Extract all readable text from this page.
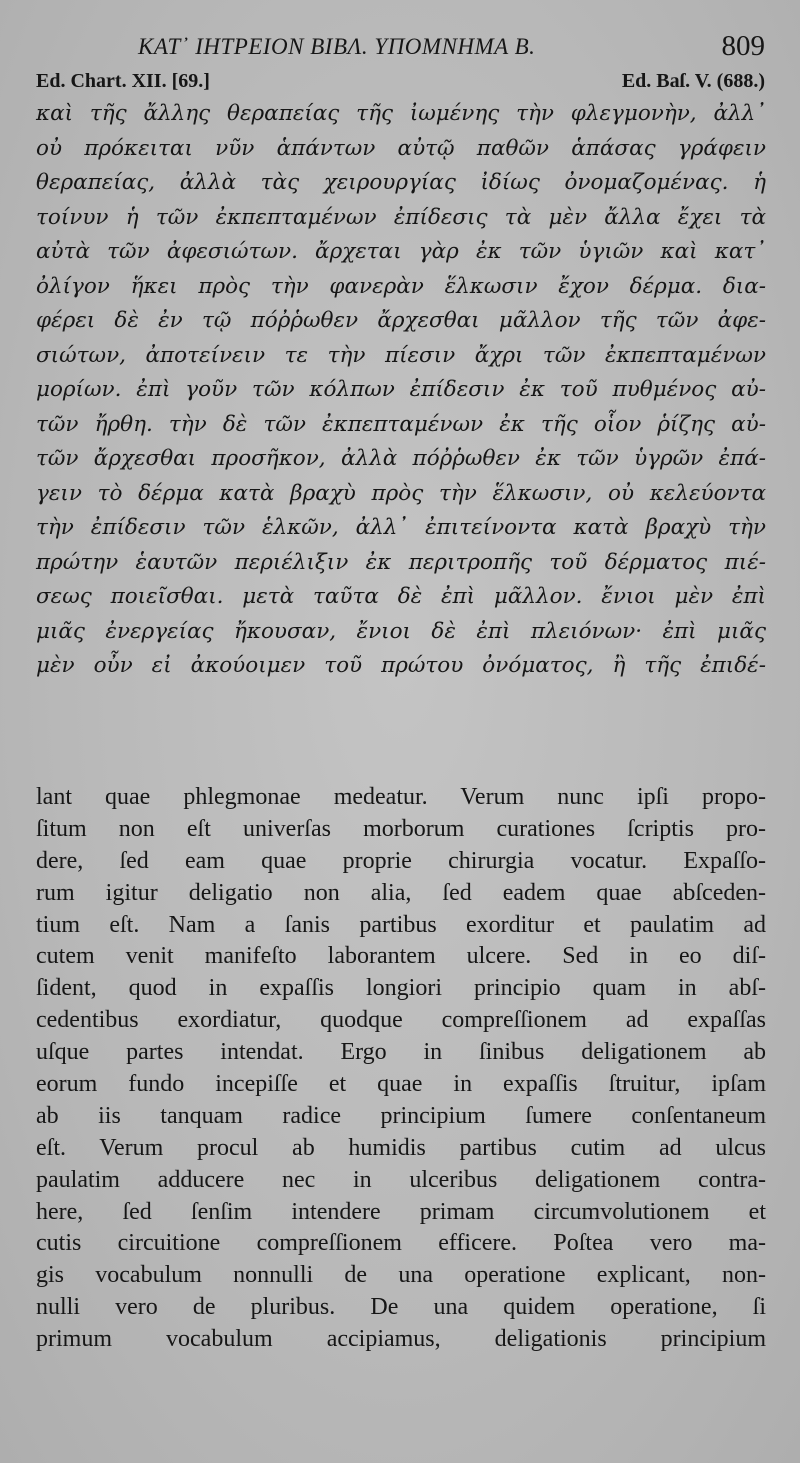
ΚΑΤ᾿ ΙΗΤΡΕΙΟΝ ΒΙΒΛ. ΥΠΟΜΝΗΜΑ Β.	809
Ed. Chart. XII. [69.]	Ed. Baſ. V. (688.)
καὶ τῆς ἄλλης θεραπείας τῆς ἰωμένης τὴν φλεγμονὴν, ἀλλ᾿
οὐ πρόκειται νῦν ἁπάντων αὐτῷ παθῶν ἁπάσας γράφειν
θεραπείας, ἀλλὰ τὰς χειρουργίας ἰδίως ὀνομαζομένας. ἡ
τοίνυν ἡ τῶν ἐκπεπταμένων ἐπίδεσις τὰ μὲν ἄλλα ἔχει τὰ
αὐτὰ τῶν ἀφεσιώτων. ἄρχεται γὰρ ἐκ τῶν ὑγιῶν καὶ κατ᾿
ὀλίγον ἥκει πρὸς τὴν φανερὰν ἕλκωσιν ἔχον δέρμα. δια-
φέρει δὲ ἐν τῷ πόῤῥωθεν ἄρχεσθαι μᾶλλον τῆς τῶν ἀφε-
σιώτων, ἀποτείνειν τε τὴν πίεσιν ἄχρι τῶν ἐκπεπταμένων
μορίων. ἐπὶ γοῦν τῶν κόλπων ἐπίδεσιν ἐκ τοῦ πυθμένος αὐ-
τῶν ἤρθη. τὴν δὲ τῶν ἐκπεπταμένων ἐκ τῆς οἷον ῥίζης αὐ-
τῶν ἄρχεσθαι προσῆκον, ἀλλὰ πόῤῥωθεν ἐκ τῶν ὑγρῶν ἐπά-
γειν τὸ δέρμα κατὰ βραχὺ πρὸς τὴν ἕλκωσιν, οὐ κελεύοντα
τὴν ἐπίδεσιν τῶν ἑλκῶν, ἀλλ᾿ ἐπιτείνοντα κατὰ βραχὺ τὴν
πρώτην ἑαυτῶν περιέλιξιν ἐκ περιτροπῆς τοῦ δέρματος πιέ-
σεως ποιεῖσθαι. μετὰ ταῦτα δὲ ἐπὶ μᾶλλον. ἔνιοι μὲν ἐπὶ
μιᾶς ἐνεργείας ἤκουσαν, ἔνιοι δὲ ἐπὶ πλειόνων· ἐπὶ μιᾶς
μὲν οὖν εἰ ἀκούοιμεν τοῦ πρώτου ὀνόματος, ἢ τῆς ἐπιδέ-
lant quae phlegmonae medeatur. Verum nunc ipſi propo-
ſitum non eſt univerſas morborum curationes ſcriptis pro-
dere, ſed eam quae proprie chirurgia vocatur. Expaſſo-
rum igitur deligatio non alia, ſed eadem quae abſceden-
tium eſt. Nam a ſanis partibus exorditur et paulatim ad
cutem venit manifeſto laborantem ulcere. Sed in eo diſ-
ſident, quod in expaſſis longiori principio quam in abſ-
cedentibus exordiatur, quodque compreſſionem ad expaſſas
uſque partes intendat. Ergo in ſinibus deligationem ab
eorum fundo incepiſſe et quae in expaſſis ſtruitur, ipſam
ab iis tanquam radice principium ſumere conſentaneum
eſt. Verum procul ab humidis partibus cutim ad ulcus
paulatim adducere nec in ulceribus deligationem contra-
here, ſed ſenſim intendere primam circumvolutionem et
cutis circuitione compreſſionem efficere. Poſtea vero ma-
gis vocabulum nonnulli de una operatione explicant, non-
nulli vero de pluribus. De una quidem operatione, ſi
primum vocabulum accipiamus, deligationis principium
